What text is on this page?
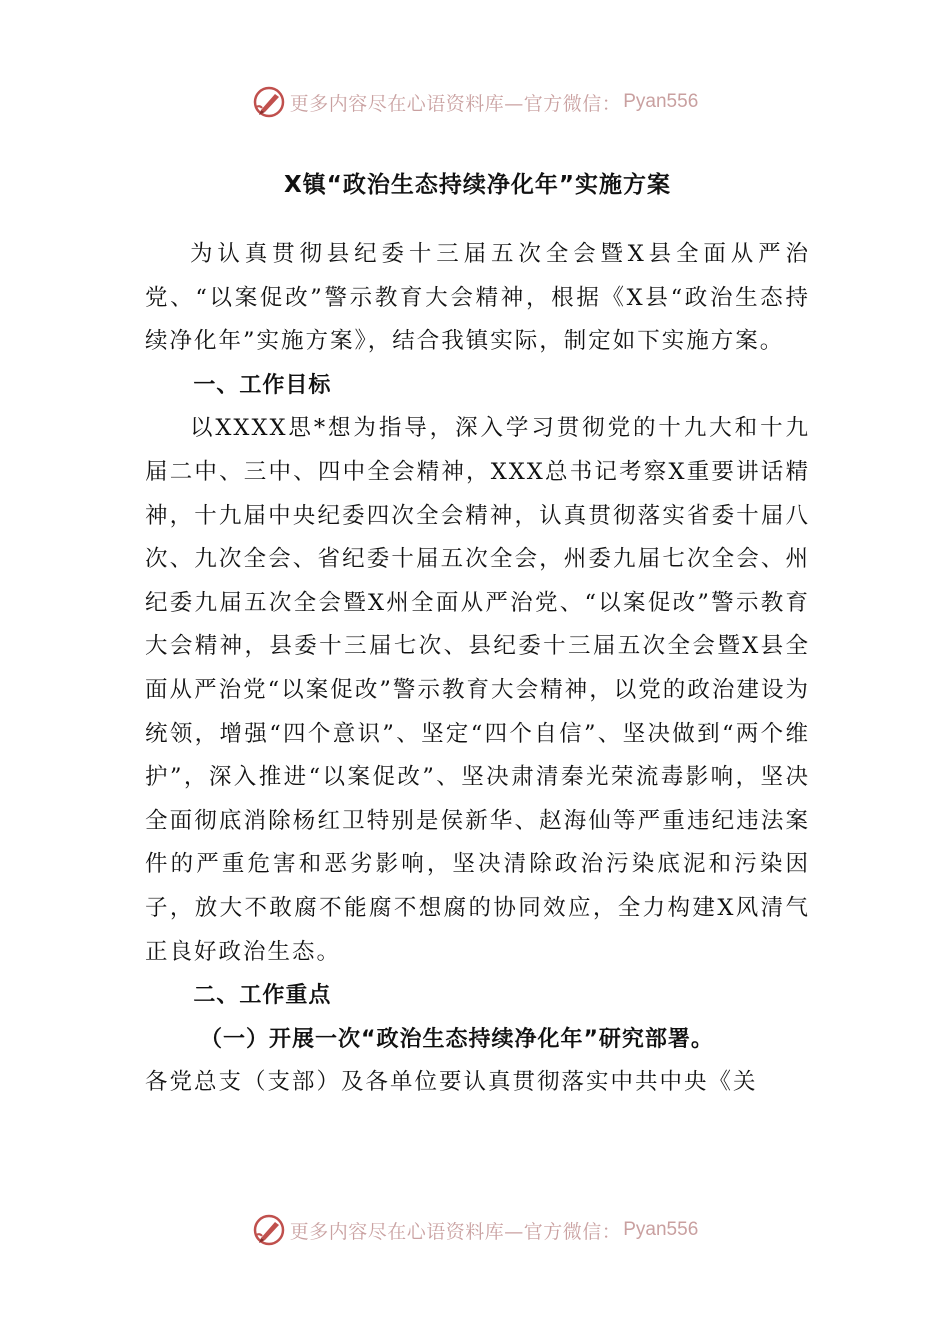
更多内容尽在心语资料库—官方微信： Pyan556
X镇“政治生态持续净化年”实施方案

为认真贯彻县纪委十三届五次全会暨X县全面从严治党、“以案促改”警示教育大会精神，根据《X县“政治生态持续净化年”实施方案》，结合我镇实际，制定如下实施方案。

一、工作目标

以XXXX思*想为指导，深入学习贯彻党的十九大和十九届二中、三中、四中全会精神，XXX总书记考察X重要讲话精神，十九届中央纪委四次全会精神，认真贯彻落实省委十届八次、九次全会、省纪委十届五次全会，州委九届七次全会、州纪委九届五次全会暨X州全面从严治党、“以案促改”警示教育大会精神，县委十三届七次、县纪委十三届五次全会暨X县全面从严治党“以案促改”警示教育大会精神，以党的政治建设为统领，增强“四个意识”、坚定“四个自信”、坚决做到“两个维护”，深入推进“以案促改”、坚决肃清秦光荣流毒影响，坚决全面彻底消除杨红卫特别是侯新华、赵海仙等严重违纪违法案件的严重危害和恶劣影响，坚决清除政治污染底泥和污染因子，放大不敢腐不能腐不想腐的协同效应，全力构建X风清气正良好政治生态。

二、工作重点

（一）开展一次“政治生态持续净化年”研究部署。

各党总支（支部）及各单位要认真贯彻落实中共中央《关

更多内容尽在心语资料库—官方微信： Pyan556
